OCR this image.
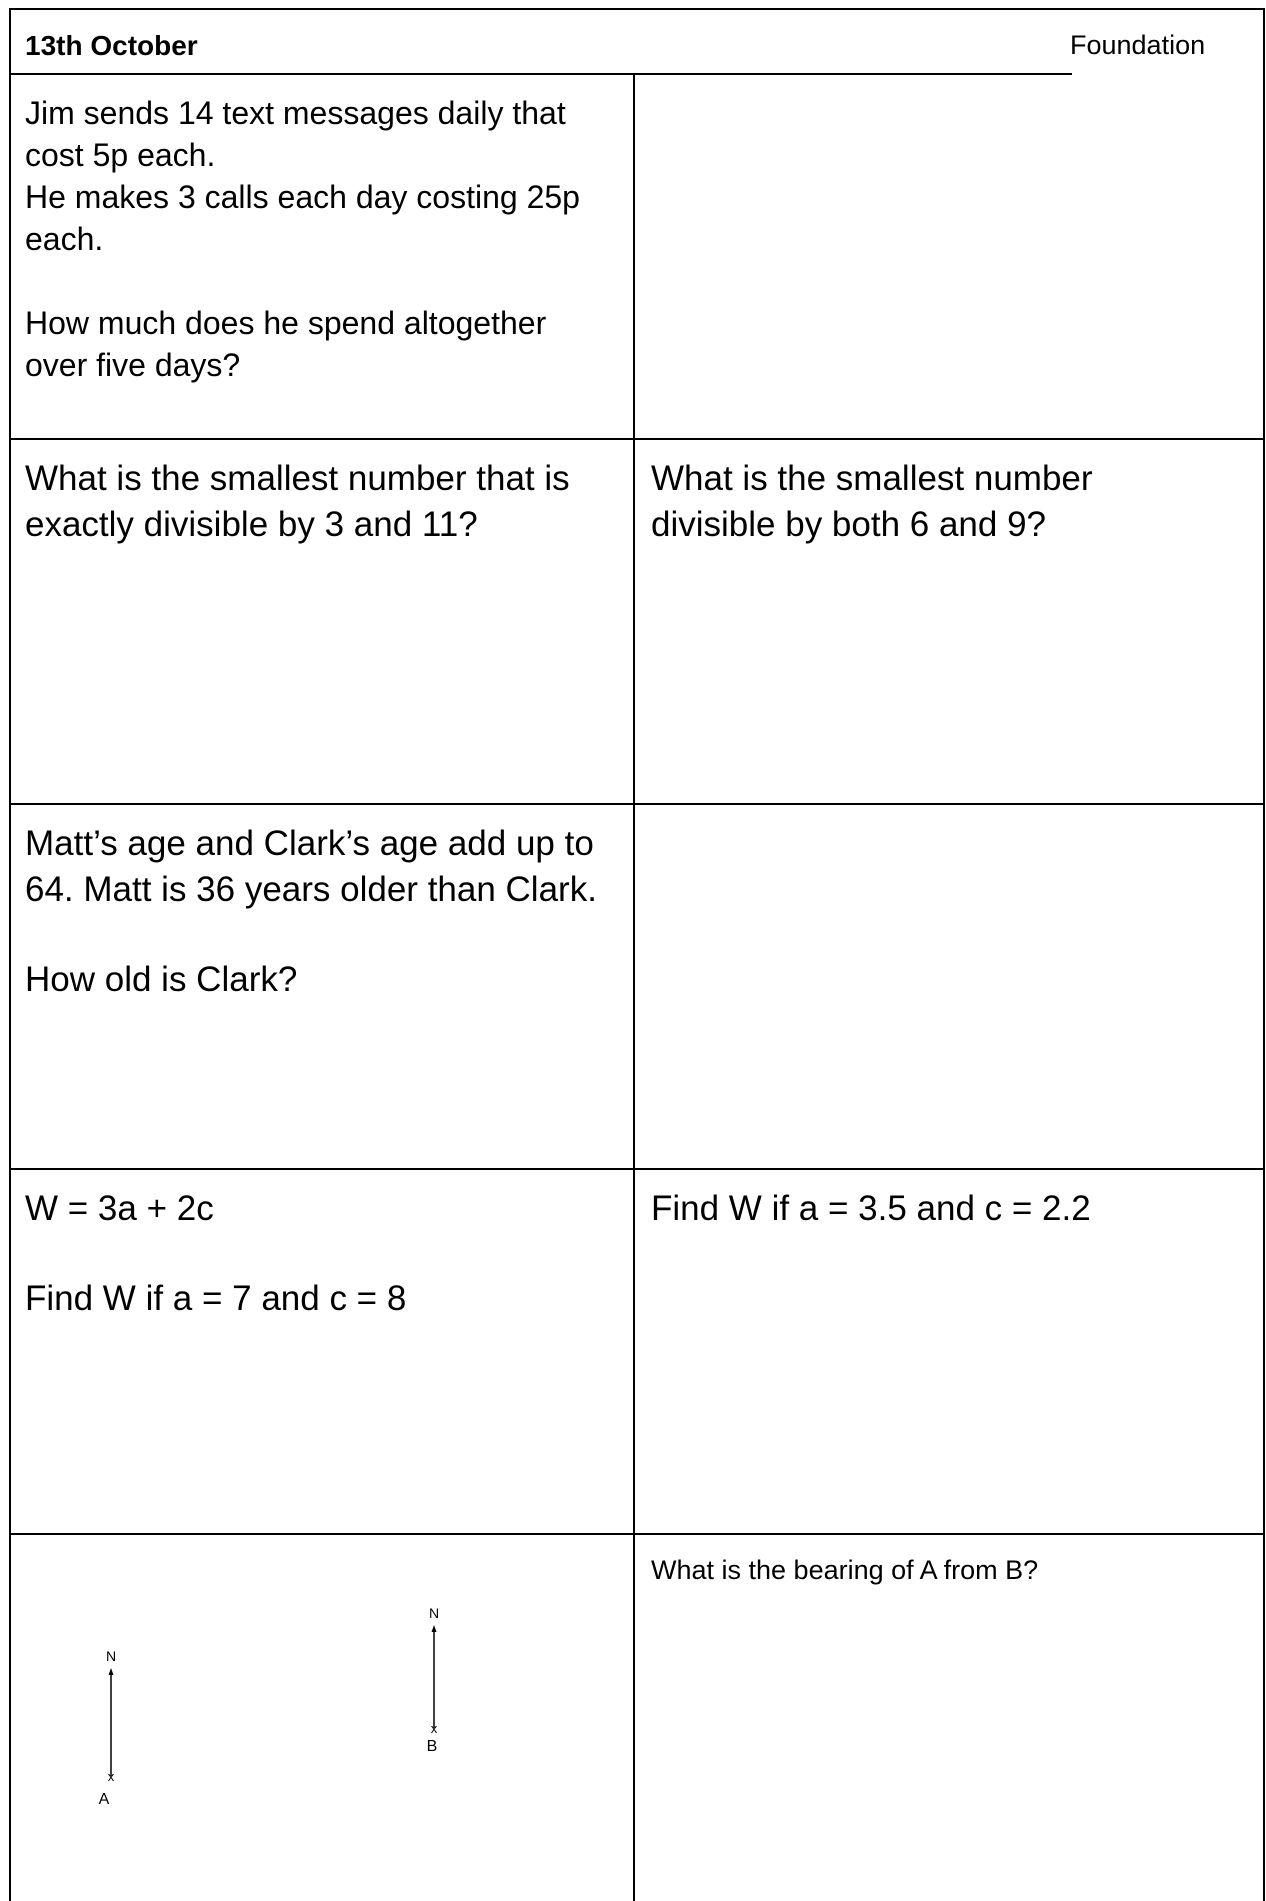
13th October	Foundation

Jim sends 14 text messages daily that cost 5p each.

He makes 3 calls each day costing 25p each.

How much does he spend altogether over five days?

What is the smallest number that is exactly divisible by 3 and 11?

What is the smallest number divisible by both 6 and 9?

Matt’s age and Clark’s age add up to 64. Matt is 36 years older than Clark.

How old is Clark?

W = 3a + 2c

Find W if a = 7 and c = 8

Find W if a = 3.5 and c = 2.2

What is the bearing of A from B?

N
x
A
N
x
B
